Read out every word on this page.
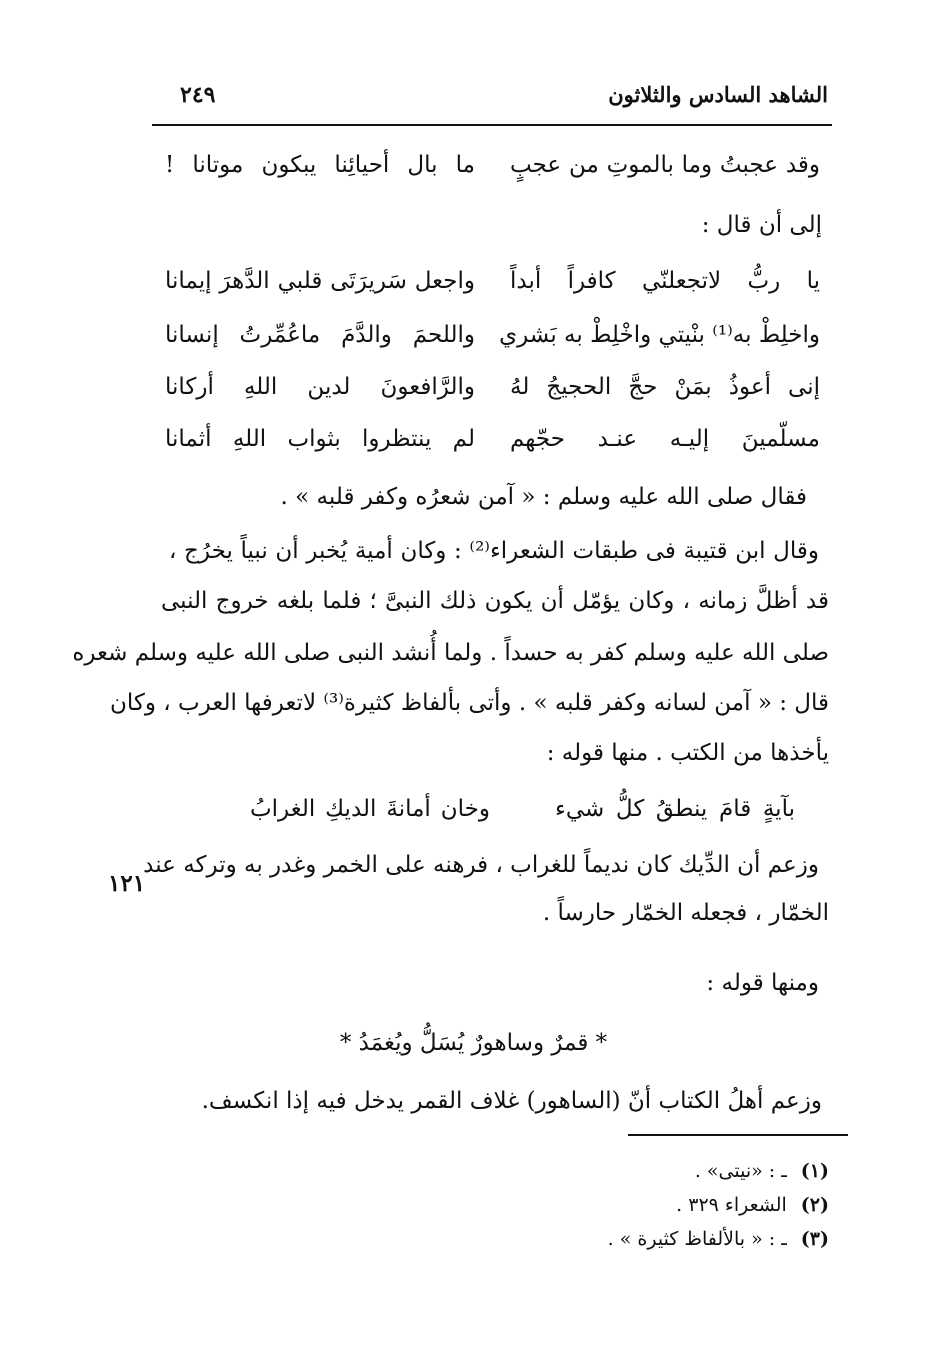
الشاهد السادس والثلاثون
٢٤٩
وقد عجبتُ وما بالموتِ من عجبٍ
ما بال أحيائِنا يبكون موتانا !
إلى أن قال :
يا ربُّ لاتجعلنّي كافراً أبداً
واجعل سَريرَتَى قلبي الدَّهرَ إيمانا
واخلِطْ به⁽¹⁾ بنْيتي واخْلِطْ به بَشري
واللحمَ والدَّمَ ماعُمِّرتُ إنسانا
إنى أعوذُ بمَنْ حجَّ الحجيجُ لهُ
والرَّافعونَ لدين اللهِ أركانا
مسلّمينَ إليـه عنـد حجّهم
لم ينتظروا بثواب اللهِ أثمانا
فقال صلى الله عليه وسلم : « آمن شعرُه وكفر قلبه » .
وقال ابن قتيبة فى طبقات الشعراء⁽²⁾ : وكان أمية يُخبر أن نبياً يخرُج ،
قد أظلَّ زمانه ، وكان يؤمّل أن يكون ذلك النبىَّ ؛ فلما بلغه خروج النبى
صلى الله عليه وسلم كفر به حسداً . ولما أُنشد النبى صلى الله عليه وسلم شعره
قال : « آمن لسانه وكفر قلبه » . وأتى بألفاظ كثيرة⁽³⁾ لاتعرفها العرب ، وكان
يأخذها من الكتب . منها قوله :
بآيةٍ قامَ ينطقُ كلُّ شيء
وخان أمانةَ الديكِ الغرابُ
وزعم أن الدِّيك كان نديماً للغراب ، فرهنه على الخمر وغدر به وتركه عند
الخمّار ، فجعله الخمّار حارساً .
١٢١
ومنها قوله :
* قمرٌ وساهورٌ يُسَلُّ ويُغمَدُ *
وزعم أهلُ الكتاب أنّ (الساهور) غلاف القمر يدخل فيه إذا انكسف.
(١)ـ : «نيتى» .
(٢)الشعراء ٣٢٩ .
(٣)ـ : « بالألفاظ كثيرة » .
